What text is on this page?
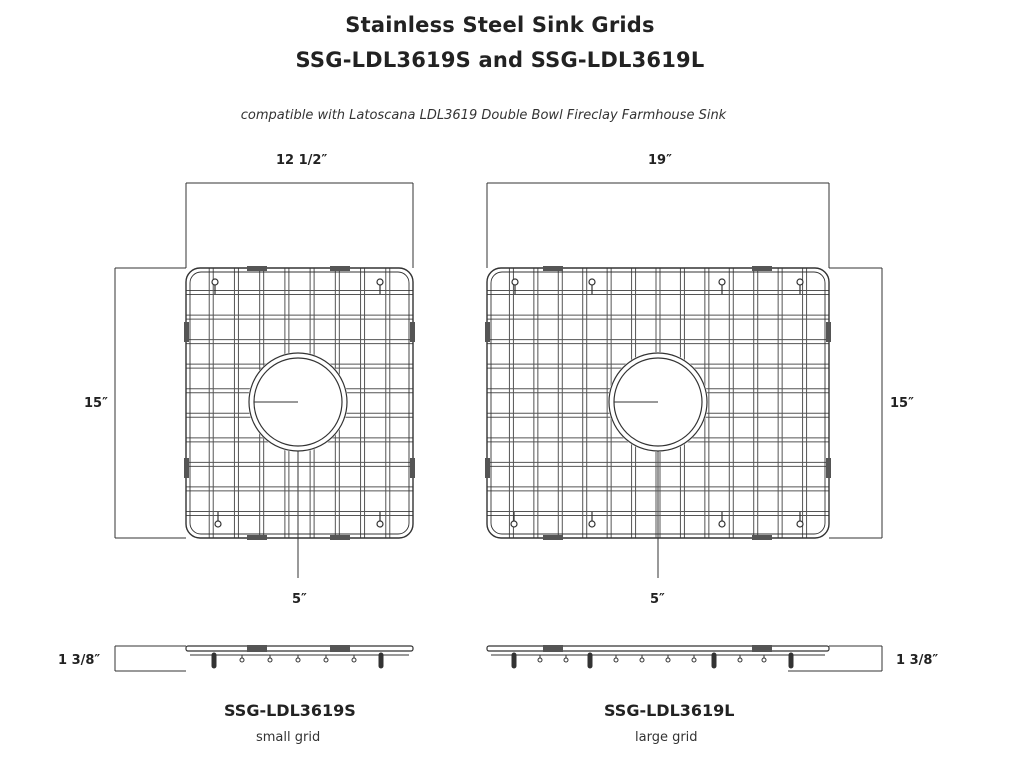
Stainless Steel Sink Grids
SSG-LDL3619S and SSG-LDL3619L
compatible with Latoscana LDL3619 Double Bowl Fireclay Farmhouse Sink
12 1/2″
15″
5″
1 3/8″
SSG-LDL3619S
small grid
19″
15″
5″
1 3/8″
SSG-LDL3619L
large grid
